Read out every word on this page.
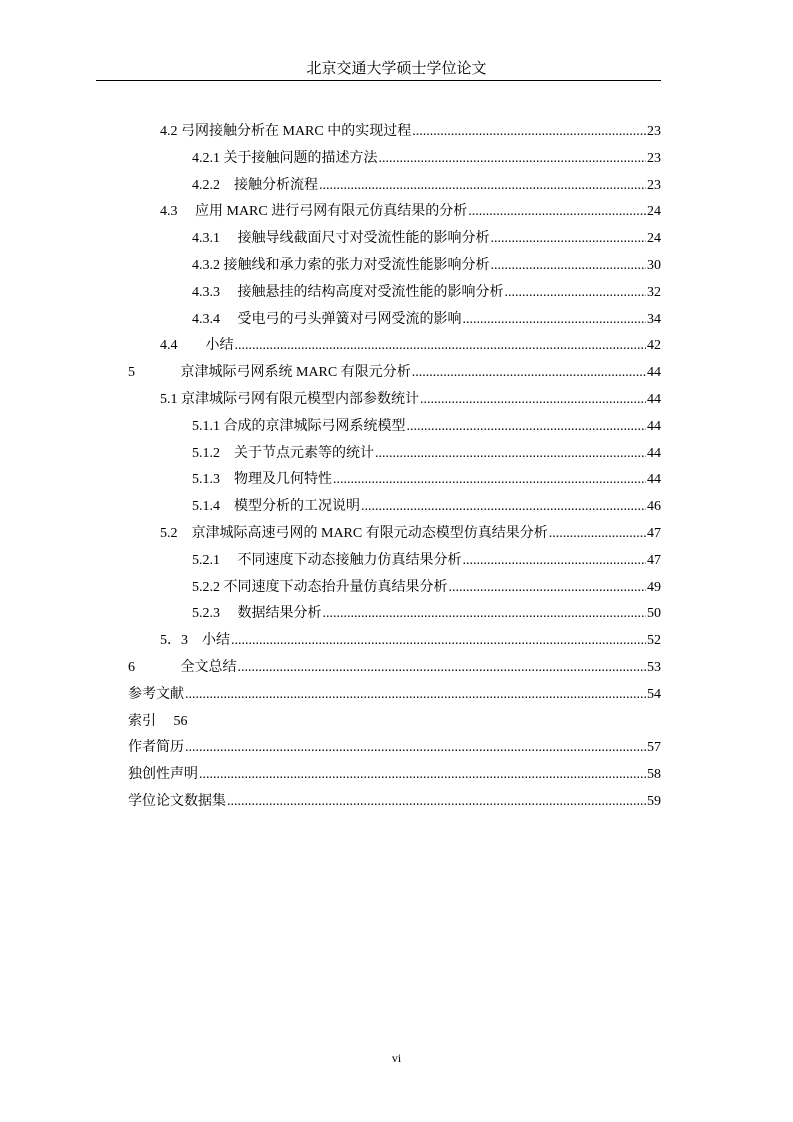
北京交通大学硕士学位论文
4.2 弓网接触分析在 MARC 中的实现过程 .....	23
4.2.1 关于接触问题的描述方法 .....	23
4.2.2　接触分析流程 .....	23
4.3　 应用 MARC 进行弓网有限元仿真结果的分析 .....	24
4.3.1　 接触导线截面尺寸对受流性能的影响分析 .....	24
4.3.2 接触线和承力索的张力对受流性能影响分析 .....	30
4.3.3　 接触悬挂的结构高度对受流性能的影响分析 .....	32
4.3.4　 受电弓的弓头弹簧对弓网受流的影响 .....	34
4.4　　小结 .....	42
5　　　 京津城际弓网系统 MARC 有限元分析 .....	44
5.1 京津城际弓网有限元模型内部参数统计 .....	44
5.1.1 合成的京津城际弓网系统模型 .....	44
5.1.2　关于节点元素等的统计 .....	44
5.1.3　物理及几何特性 .....	44
5.1.4　模型分析的工况说明 .....	46
5.2　京津城际高速弓网的 MARC 有限元动态模型仿真结果分析 .....	47
5.2.1　 不同速度下动态接触力仿真结果分析 .....	47
5.2.2 不同速度下动态抬升量仿真结果分析 .....	49
5.2.3　 数据结果分析 .....	50
5．3　小结 .....	52
6　　　 全文总结 .....	53
参考文献 .....	54
索引　 56
作者简历 .....	57
独创性声明 .....	58
学位论文数据集 .....	59
vi
